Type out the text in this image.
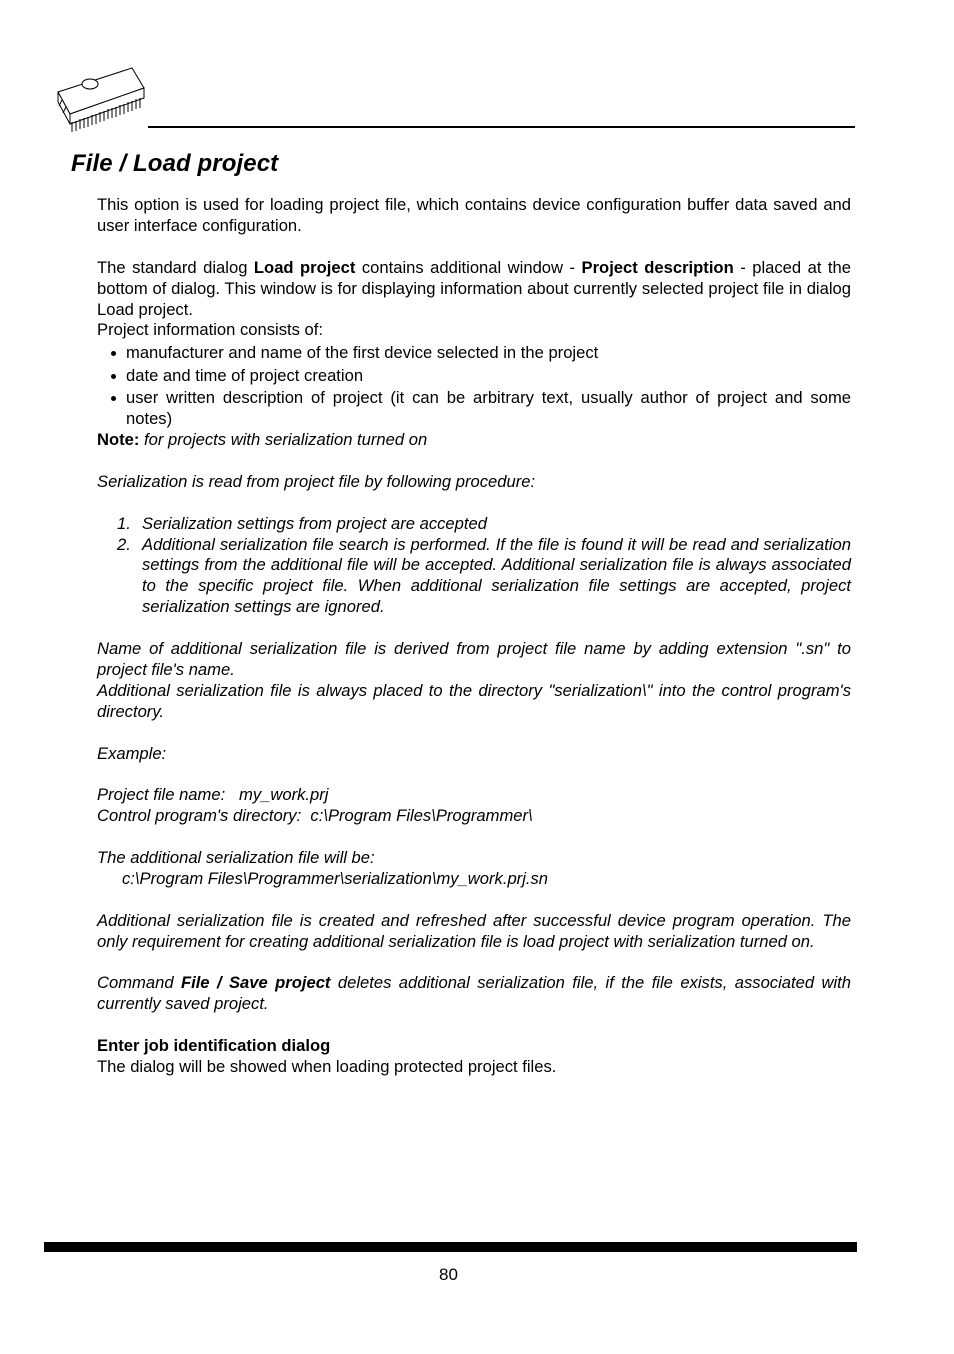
File / Load project

This option is used for loading project file, which contains device configuration buffer data saved and user interface configuration.

The standard dialog Load project contains additional window - Project description - placed at the bottom of dialog. This window is for displaying information about currently selected project file in dialog Load project.

Project information consists of:

manufacturer and name of the first device selected in the project
date and time of project creation
user written description of project (it can be arbitrary text, usually author of project and some notes)

Note: for projects with serialization turned on

Serialization is read from project file by following procedure:

1. Serialization settings from project are accepted
2. Additional serialization file search is performed. If the file is found it will be read and serialization settings from the additional file will be accepted. Additional serialization file is always associated to the specific project file. When additional serialization file settings are accepted, project serialization settings are ignored.

Name of additional serialization file is derived from project file name by adding extension ".sn" to project file's name.

Additional serialization file is always placed to the directory "serialization\" into the control program's directory.

Example:

Project file name:   my_work.prj

Control program's directory:  c:\Program Files\Programmer\

The additional serialization file will be:

c:\Program Files\Programmer\serialization\my_work.prj.sn

Additional serialization file is created and refreshed after successful device program operation. The only requirement for creating additional serialization file is load project with serialization turned on.

Command File / Save project deletes additional serialization file, if the file exists, associated with currently saved project.

Enter job identification dialog

The dialog will be showed when loading protected project files.

80
